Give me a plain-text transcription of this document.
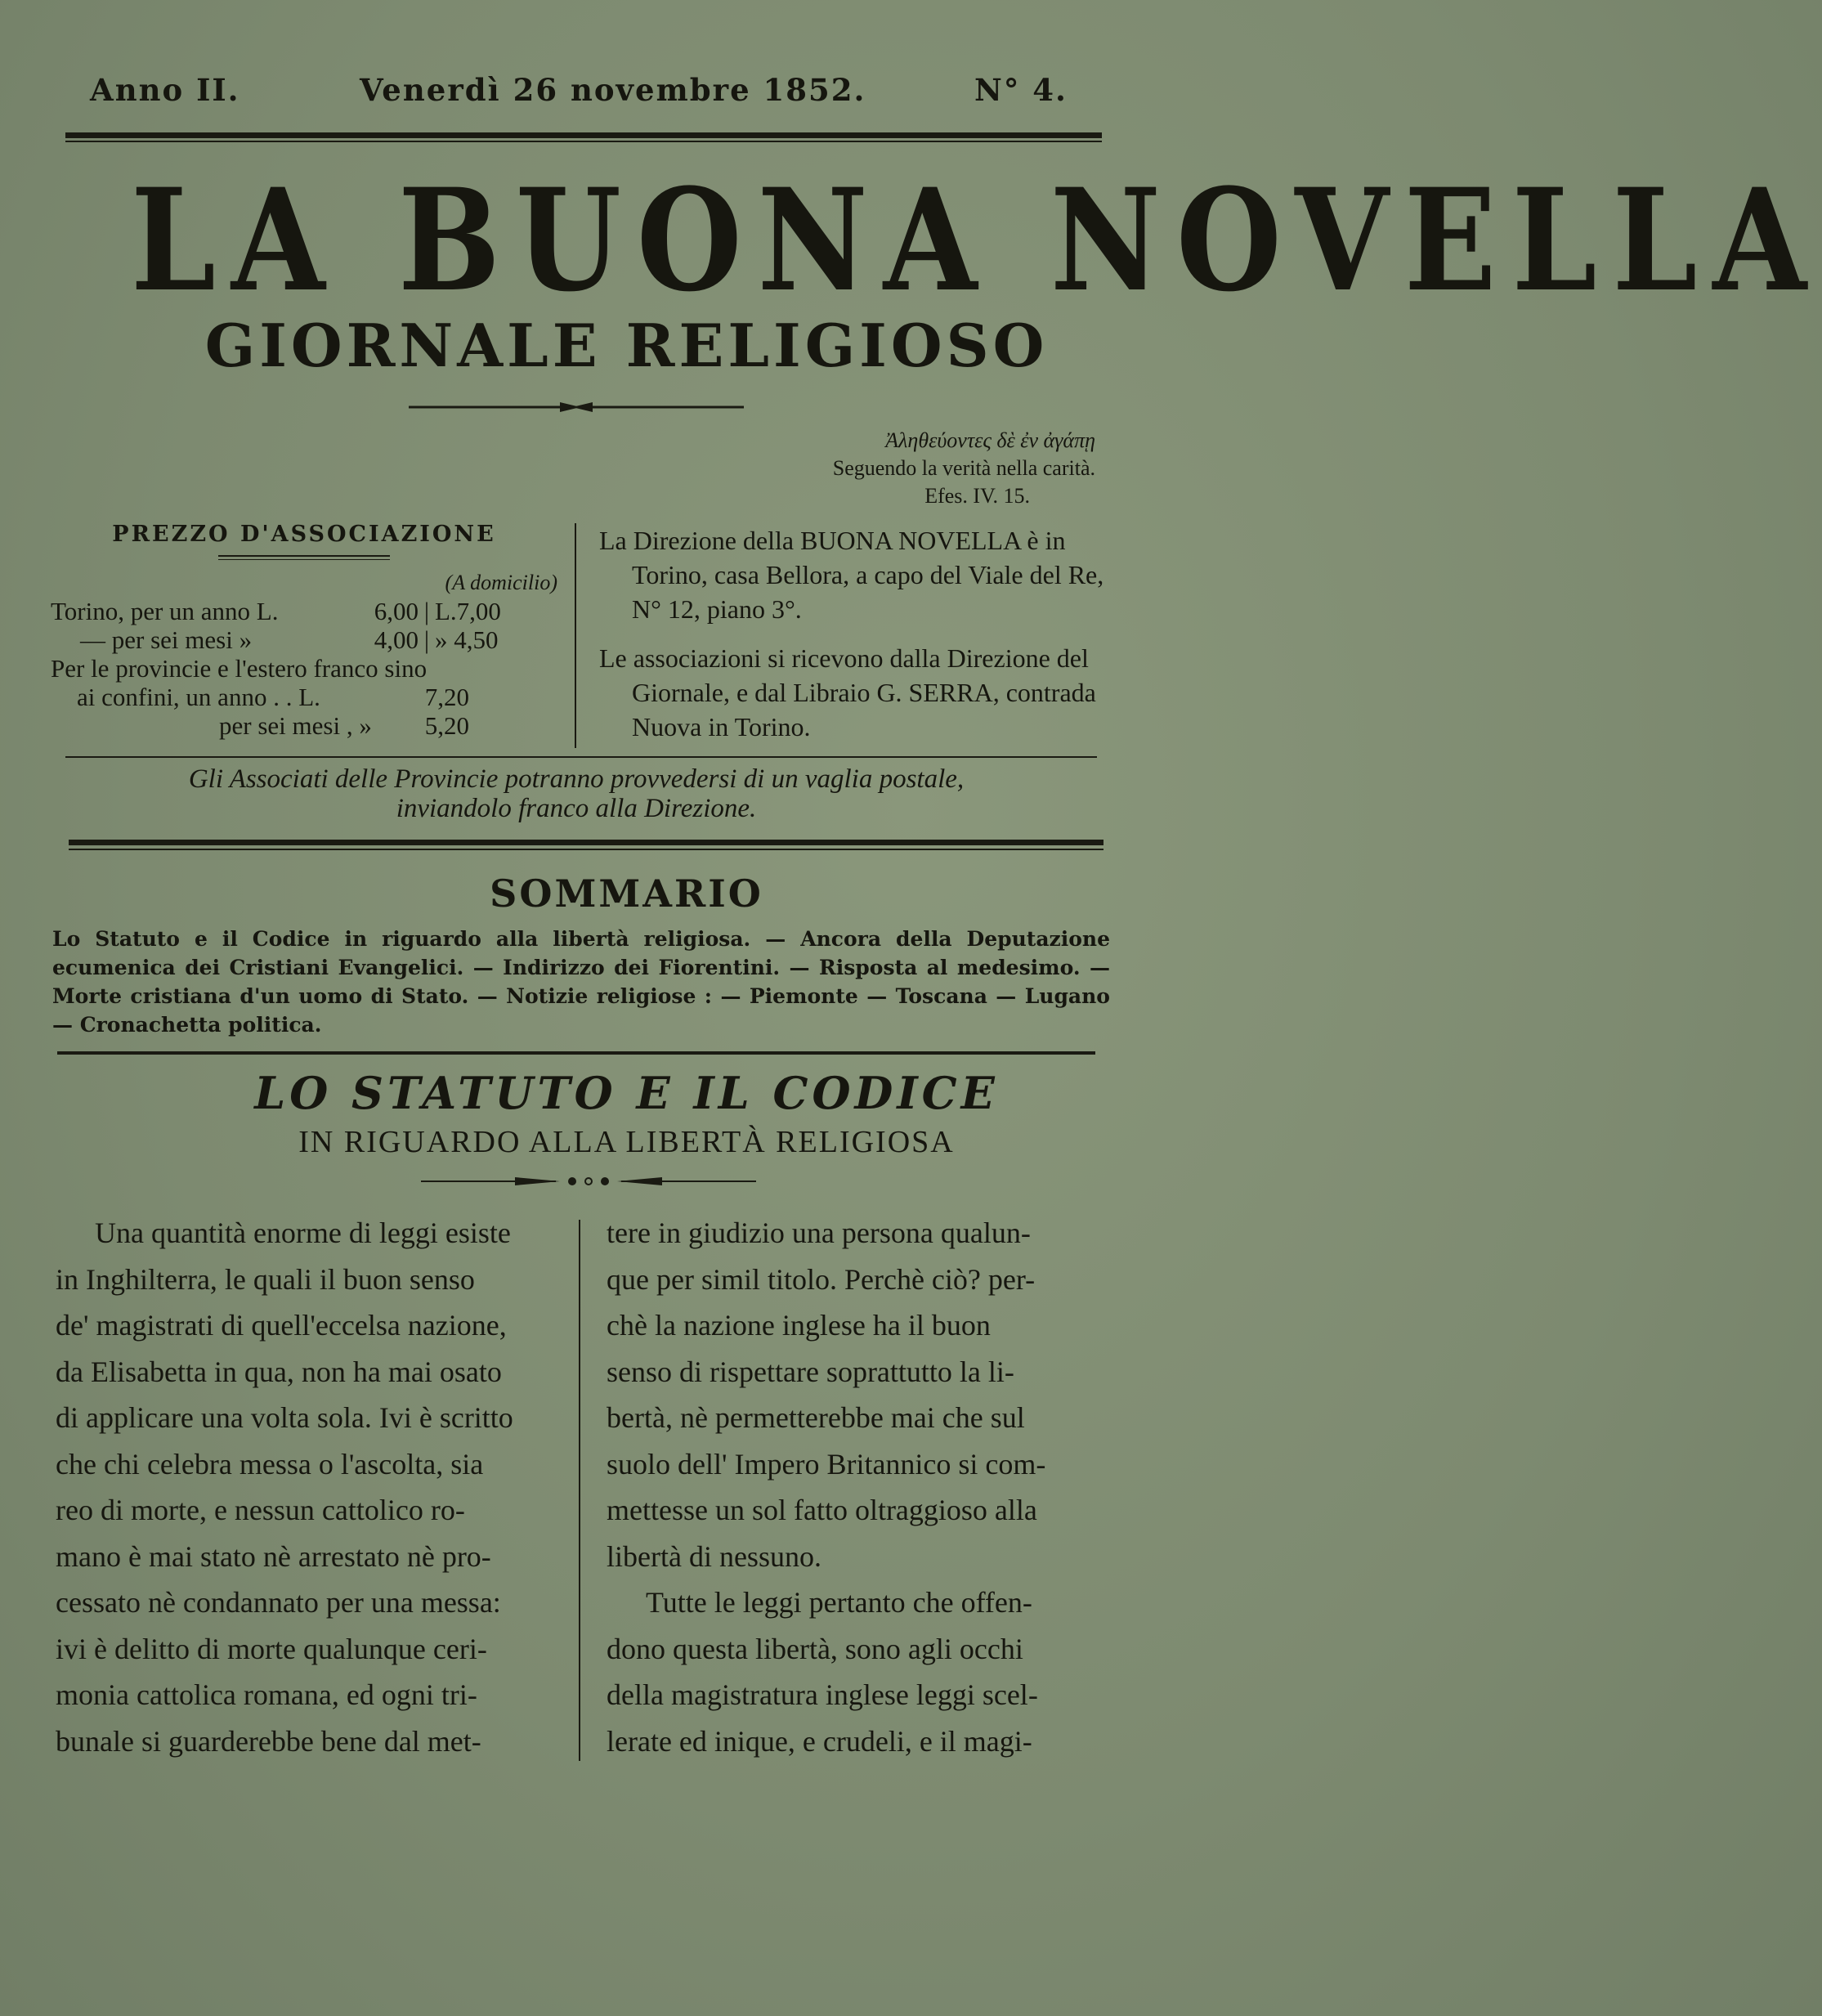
Anno II.	Venerdì 26 novembre 1852.	N° 4.
LA BUONA NOVELLA
GIORNALE RELIGIOSO
Ἀληθεύοντες δὲ ἐν ἀγάπῃ
Seguendo la verità nella carità.
Efes. IV. 15.
PREZZO D'ASSOCIAZIONE
(A domicilio)
Torino, per un anno L.	6,00 | L.7,00
— per sei mesi »	4,00 | » 4,50
Per le provincie e l'estero franco sino
ai confini, un anno . . L.	7,20
per sei mesi , »	5,20

La Direzione della BUONA NOVELLA è in Torino, casa Bellora, a capo del Viale del Re, N° 12, piano 3°.

Le associazioni si ricevono dalla Direzione del Giornale, e dal Libraio G. SERRA, contrada Nuova in Torino.

Gli Associati delle Provincie potranno provvedersi di un vaglia postale,
inviandolo franco alla Direzione.
SOMMARIO
Lo Statuto e il Codice in riguardo alla libertà religiosa. — Ancora della Deputazione ecumenica dei Cristiani Evangelici. — Indirizzo dei Fiorentini. — Risposta al medesimo. — Morte cristiana d'un uomo di Stato. — Notizie religiose : — Piemonte — Toscana — Lugano — Cronachetta politica.
LO STATUTO E IL CODICE
IN RIGUARDO ALLA LIBERTÀ RELIGIOSA

Una quantità enorme di leggi esiste

in Inghilterra, le quali il buon senso

de' magistrati di quell'eccelsa nazione,

da Elisabetta in qua, non ha mai osato

di applicare una volta sola. Ivi è scritto

che chi celebra messa o l'ascolta, sia

reo di morte, e nessun cattolico ro-

mano è mai stato nè arrestato nè pro-

cessato nè condannato per una messa:

ivi è delitto di morte qualunque ceri-

monia cattolica romana, ed ogni tri-

bunale si guarderebbe bene dal met-

tere in giudizio una persona qualun-

que per simil titolo. Perchè ciò? per-

chè la nazione inglese ha il buon

senso di rispettare soprattutto la li-

bertà, nè permetterebbe mai che sul

suolo dell' Impero Britannico si com-

mettesse un sol fatto oltraggioso alla

libertà di nessuno.

Tutte le leggi pertanto che offen-

dono questa libertà, sono agli occhi

della magistratura inglese leggi scel-

lerate ed inique, e crudeli, e il magi-
